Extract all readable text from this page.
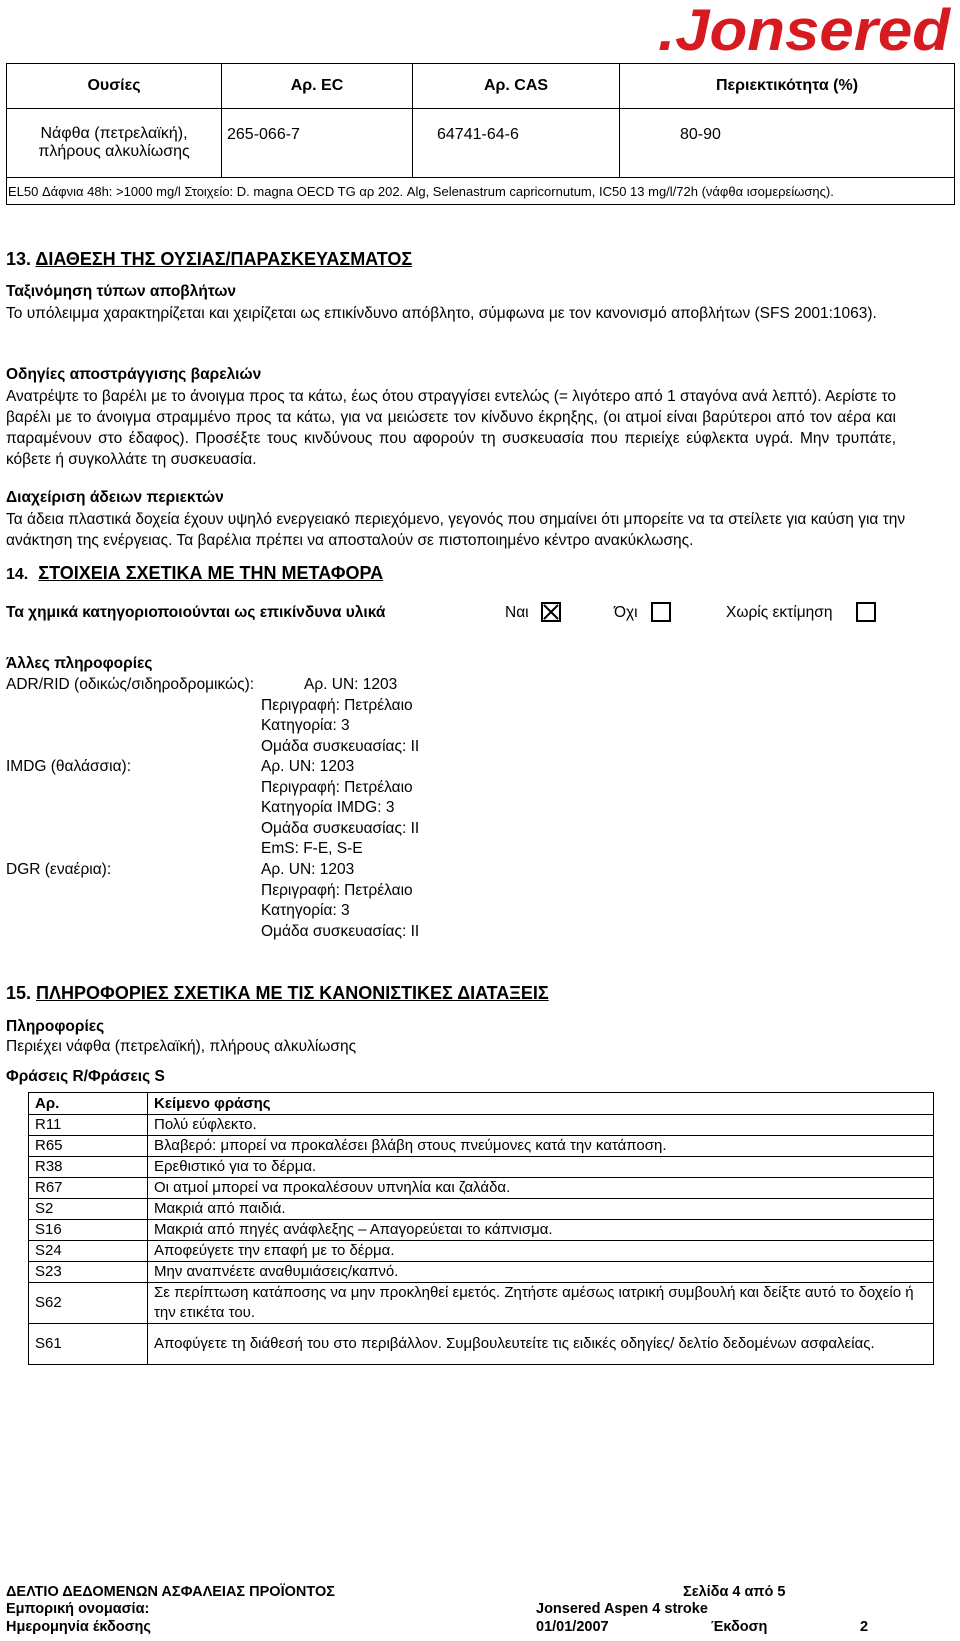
.Jonsered
Ουσίες	Αρ. EC	Αρ. CAS	Περιεκτικότητα (%)

Νάφθα (πετρελαϊκή),
πλήρους αλκυλίωσης	265-066-7	64741-64-6	80-90
EL50 Δάφνια 48h: >1000 mg/l Στοιχείο: D. magna OECD TG αρ 202. Alg, Selenastrum capricornutum, IC50 13 mg/l/72h (νάφθα ισομερείωσης).			
13. ΔΙΑΘΕΣΗ ΤΗΣ ΟΥΣΙΑΣ/ΠΑΡΑΣΚΕΥΑΣΜΑΤΟΣ
Ταξινόμηση τύπων αποβλήτων
Το υπόλειμμα χαρακτηρίζεται και χειρίζεται ως επικίνδυνο απόβλητο, σύμφωνα με τον κανονισμό αποβλήτων (SFS 2001:1063).
Οδηγίες αποστράγγισης βαρελιών
Ανατρέψτε το βαρέλι με το άνοιγμα προς τα κάτω, έως ότου στραγγίσει εντελώς (= λιγότερο από 1 σταγόνα ανά λεπτό). Αερίστε το βαρέλι με το άνοιγμα στραμμένο προς τα κάτω, για να μειώσετε τον κίνδυνο έκρηξης, (οι ατμοί είναι βαρύτεροι από τον αέρα και παραμένουν στο έδαφος). Προσέξτε τους κινδύνους που αφορούν τη συσκευασία που περιείχε εύφλεκτα υγρά. Μην τρυπάτε, κόβετε ή συγκολλάτε τη συσκευασία.
Διαχείριση άδειων περιεκτών
Τα άδεια πλαστικά δοχεία έχουν υψηλό ενεργειακό περιεχόμενο, γεγονός που σημαίνει ότι μπορείτε να τα στείλετε για καύση για την ανάκτηση της ενέργειας. Τα βαρέλια πρέπει να αποσταλούν σε πιστοποιημένο κέντρο ανακύκλωσης.
14. ΣΤΟΙΧΕΙΑ ΣΧΕΤΙΚΑ ΜΕ ΤΗΝ ΜΕΤΑΦΟΡΑ
Τα χημικά κατηγοριοποιούνται ως επικίνδυνα υλικά	Ναι	Όχι	Χωρίς εκτίμηση
Άλλες πληροφορίες
ADR/RID (οδικώς/σιδηροδρομικώς):	Αρ. UN: 1203
Περιγραφή: Πετρέλαιο
Κατηγορία: 3
Ομάδα συσκευασίας: II
IMDG (θαλάσσια):	Αρ. UN: 1203
Περιγραφή: Πετρέλαιο
Κατηγορία IMDG: 3
Ομάδα συσκευασίας: II
EmS: F-E, S-E
DGR (εναέρια):	Αρ. UN: 1203
Περιγραφή: Πετρέλαιο
Κατηγορία: 3
Ομάδα συσκευασίας: II
15. ΠΛΗΡΟΦΟΡΙΕΣ ΣΧΕΤΙΚΑ ΜΕ ΤΙΣ ΚΑΝΟΝΙΣΤΙΚΕΣ ΔΙΑΤΑΞΕΙΣ
Πληροφορίες
Περιέχει νάφθα (πετρελαϊκή), πλήρους αλκυλίωσης
Φράσεις R/Φράσεις S
Αρ.	Κείμενο φράσης
R11	Πολύ εύφλεκτο.
R65	Βλαβερό: μπορεί να προκαλέσει βλάβη στους πνεύμονες κατά την κατάποση.
R38	Ερεθιστικό για το δέρμα.
R67	Οι ατμοί μπορεί να προκαλέσουν υπνηλία και ζαλάδα.
S2	Μακριά από παιδιά.
S16	Μακριά από πηγές ανάφλεξης – Απαγορεύεται το κάπνισμα.
S24	Αποφεύγετε την επαφή με το δέρμα.
S23	Μην αναπνέετε αναθυμιάσεις/καπνό.
S62	Σε περίπτωση κατάποσης να μην προκληθεί εμετός. Ζητήστε αμέσως ιατρική συμβουλή και δείξτε αυτό το δοχείο ή την ετικέτα του.
S61	Αποφύγετε τη διάθεσή του στο περιβάλλον. Συμβουλευτείτε τις ειδικές οδηγίες/ δελτίο δεδομένων ασφαλείας.
ΔΕΛΤΙΟ ΔΕΔΟΜΕΝΩΝ ΑΣΦΑΛΕΙΑΣ ΠΡΟΪΟΝΤΟΣ	Σελίδα 4 από 5
Εμπορική ονομασία:	Jonsered Aspen 4 stroke
Ημερομηνία έκδοσης	01/01/2007	Έκδοση	2
